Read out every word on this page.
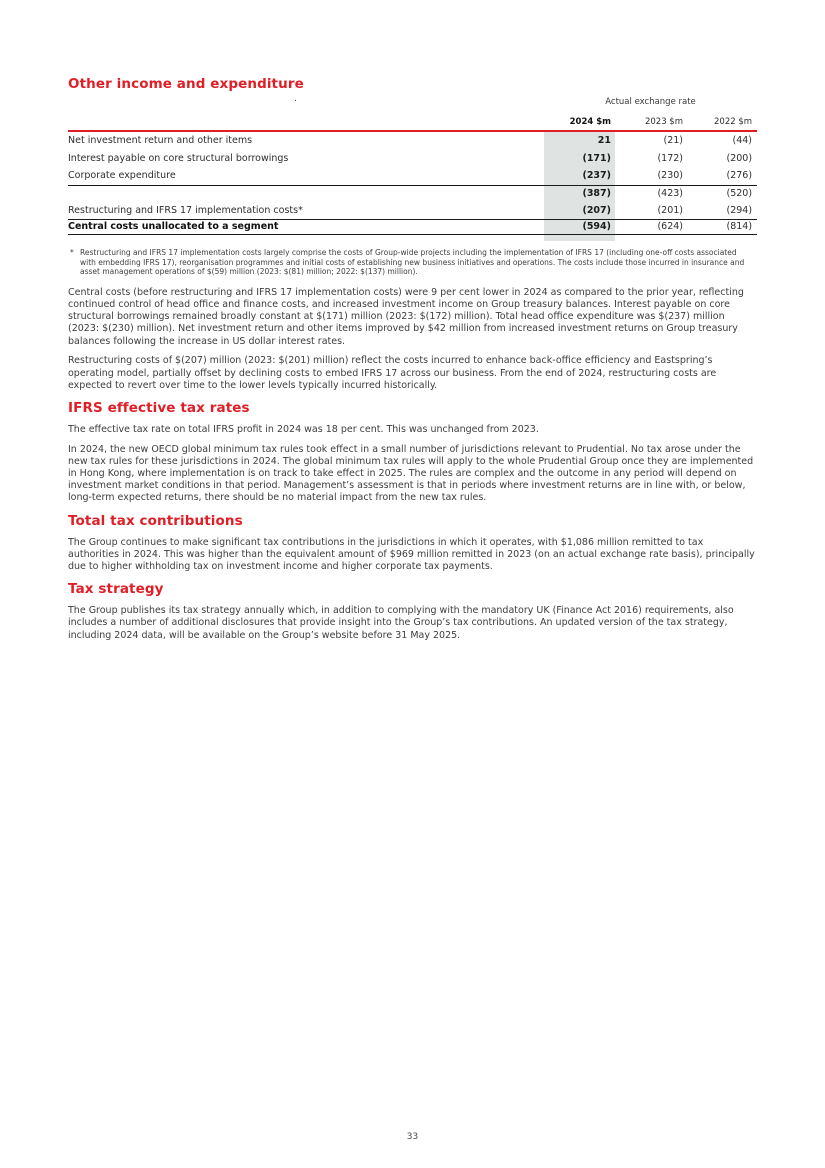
Other income and expenditure
.
		Actual exchange rate		
	2024 $m	2023 $m	2022 $m
Net investment return and other items	21	(21)	(44)
Interest payable on core structural borrowings	(171)	(172)	(200)
Corporate expenditure	(237)	(230)	(276)
	(387)	(423)	(520)
Restructuring and IFRS 17 implementation costs*	(207)	(201)	(294)
Central costs unallocated to a segment	(594)	(624)	(814)

* Restructuring and IFRS 17 implementation costs largely comprise the costs of Group-wide projects including the implementation of IFRS 17 (including one-off costs associated with embedding IFRS 17), reorganisation programmes and initial costs of establishing new business initiatives and operations. The costs include those incurred in insurance and asset management operations of $(59) million (2023: $(81) million; 2022: $(137) million).

Central costs (before restructuring and IFRS 17 implementation costs) were 9 per cent lower in 2024 as compared to the prior year, reflecting continued control of head office and finance costs, and increased investment income on Group treasury balances. Interest payable on core structural borrowings remained broadly constant at $(171) million (2023: $(172) million). Total head office expenditure was $(237) million (2023: $(230) million). Net investment return and other items improved by $42 million from increased investment returns on Group treasury balances following the increase in US dollar interest rates.

Restructuring costs of $(207) million (2023: $(201) million) reflect the costs incurred to enhance back-office efficiency and Eastspring’s operating model, partially offset by declining costs to embed IFRS 17 across our business. From the end of 2024, restructuring costs are expected to revert over time to the lower levels typically incurred historically.

IFRS effective tax rates

The effective tax rate on total IFRS profit in 2024 was 18 per cent. This was unchanged from 2023.

In 2024, the new OECD global minimum tax rules took effect in a small number of jurisdictions relevant to Prudential. No tax arose under the new tax rules for these jurisdictions in 2024. The global minimum tax rules will apply to the whole Prudential Group once they are implemented in Hong Kong, where implementation is on track to take effect in 2025. The rules are complex and the outcome in any period will depend on investment market conditions in that period. Management’s assessment is that in periods where investment returns are in line with, or below, long-term expected returns, there should be no material impact from the new tax rules.

Total tax contributions

The Group continues to make significant tax contributions in the jurisdictions in which it operates, with $1,086 million remitted to tax authorities in 2024. This was higher than the equivalent amount of $969 million remitted in 2023 (on an actual exchange rate basis), principally due to higher withholding tax on investment income and higher corporate tax payments.

Tax strategy

The Group publishes its tax strategy annually which, in addition to complying with the mandatory UK (Finance Act 2016) requirements, also includes a number of additional disclosures that provide insight into the Group’s tax contributions. An updated version of the tax strategy, including 2024 data, will be available on the Group’s website before 31 May 2025.

33
